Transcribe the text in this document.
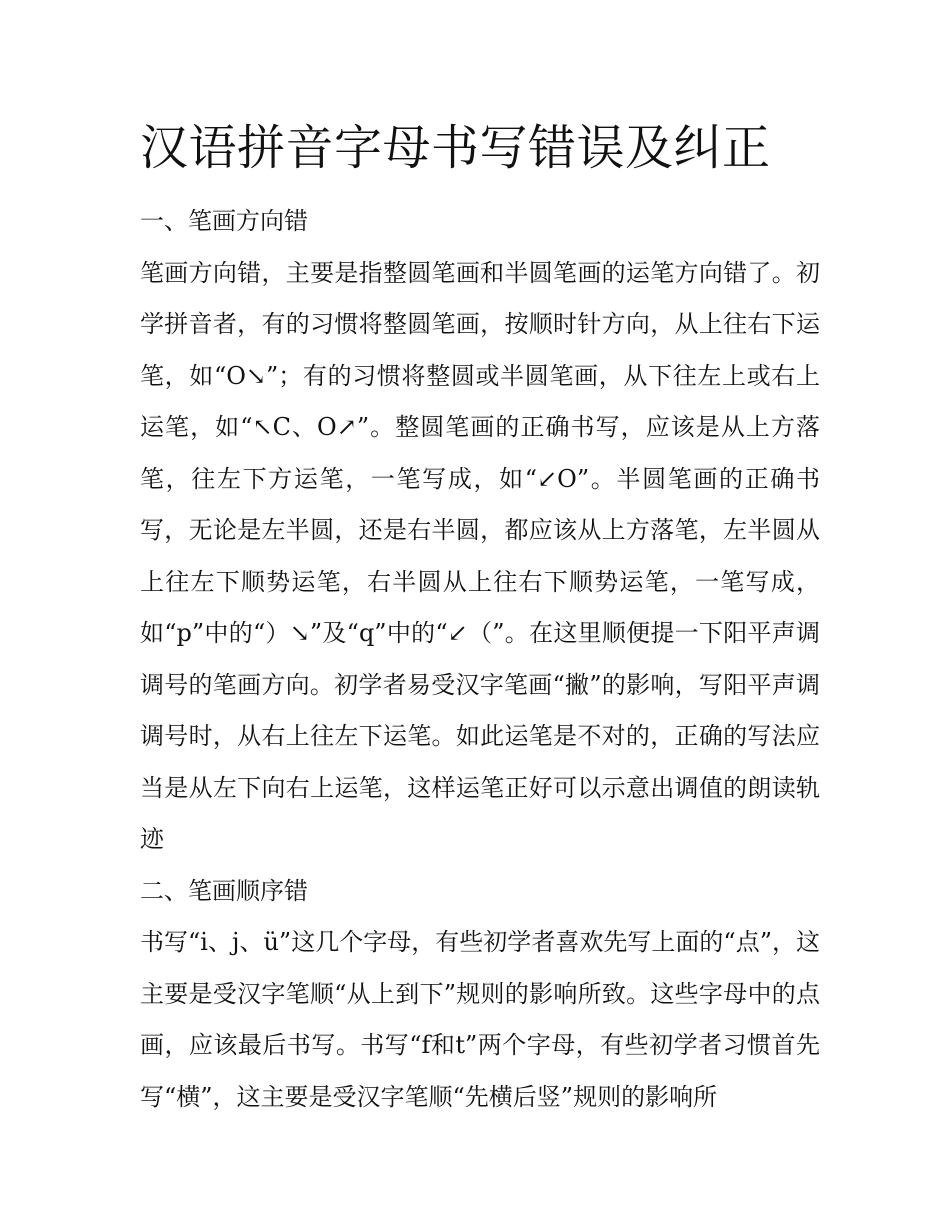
汉语拼音字母书写错误及纠正
一、笔画方向错

笔画方向错，主要是指整圆笔画和半圆笔画的运笔方向错了。初学拼音者，有的习惯将整圆笔画，按顺时针方向，从上往右下运笔，如“O↘”；有的习惯将整圆或半圆笔画，从下往左上或右上运笔，如“↖C、O↗”。整圆笔画的正确书写，应该是从上方落笔，往左下方运笔，一笔写成，如“↙O”。半圆笔画的正确书写，无论是左半圆，还是右半圆，都应该从上方落笔，左半圆从上往左下顺势运笔，右半圆从上往右下顺势运笔，一笔写成，如“p”中的“）↘”及“q”中的“↙（”。在这里顺便提一下阳平声调调号的笔画方向。初学者易受汉字笔画“撇”的影响，写阳平声调调号时，从右上往左下运笔。如此运笔是不对的，正确的写法应当是从左下向右上运笔，这样运笔正好可以示意出调值的朗读轨迹

二、笔画顺序错

书写“i、j、ü”这几个字母，有些初学者喜欢先写上面的“点”，这主要是受汉字笔顺“从上到下”规则的影响所致。这些字母中的点画，应该最后书写。书写“f和t”两个字母，有些初学者习惯首先写“横”，这主要是受汉字笔顺“先横后竖”规则的影响所
